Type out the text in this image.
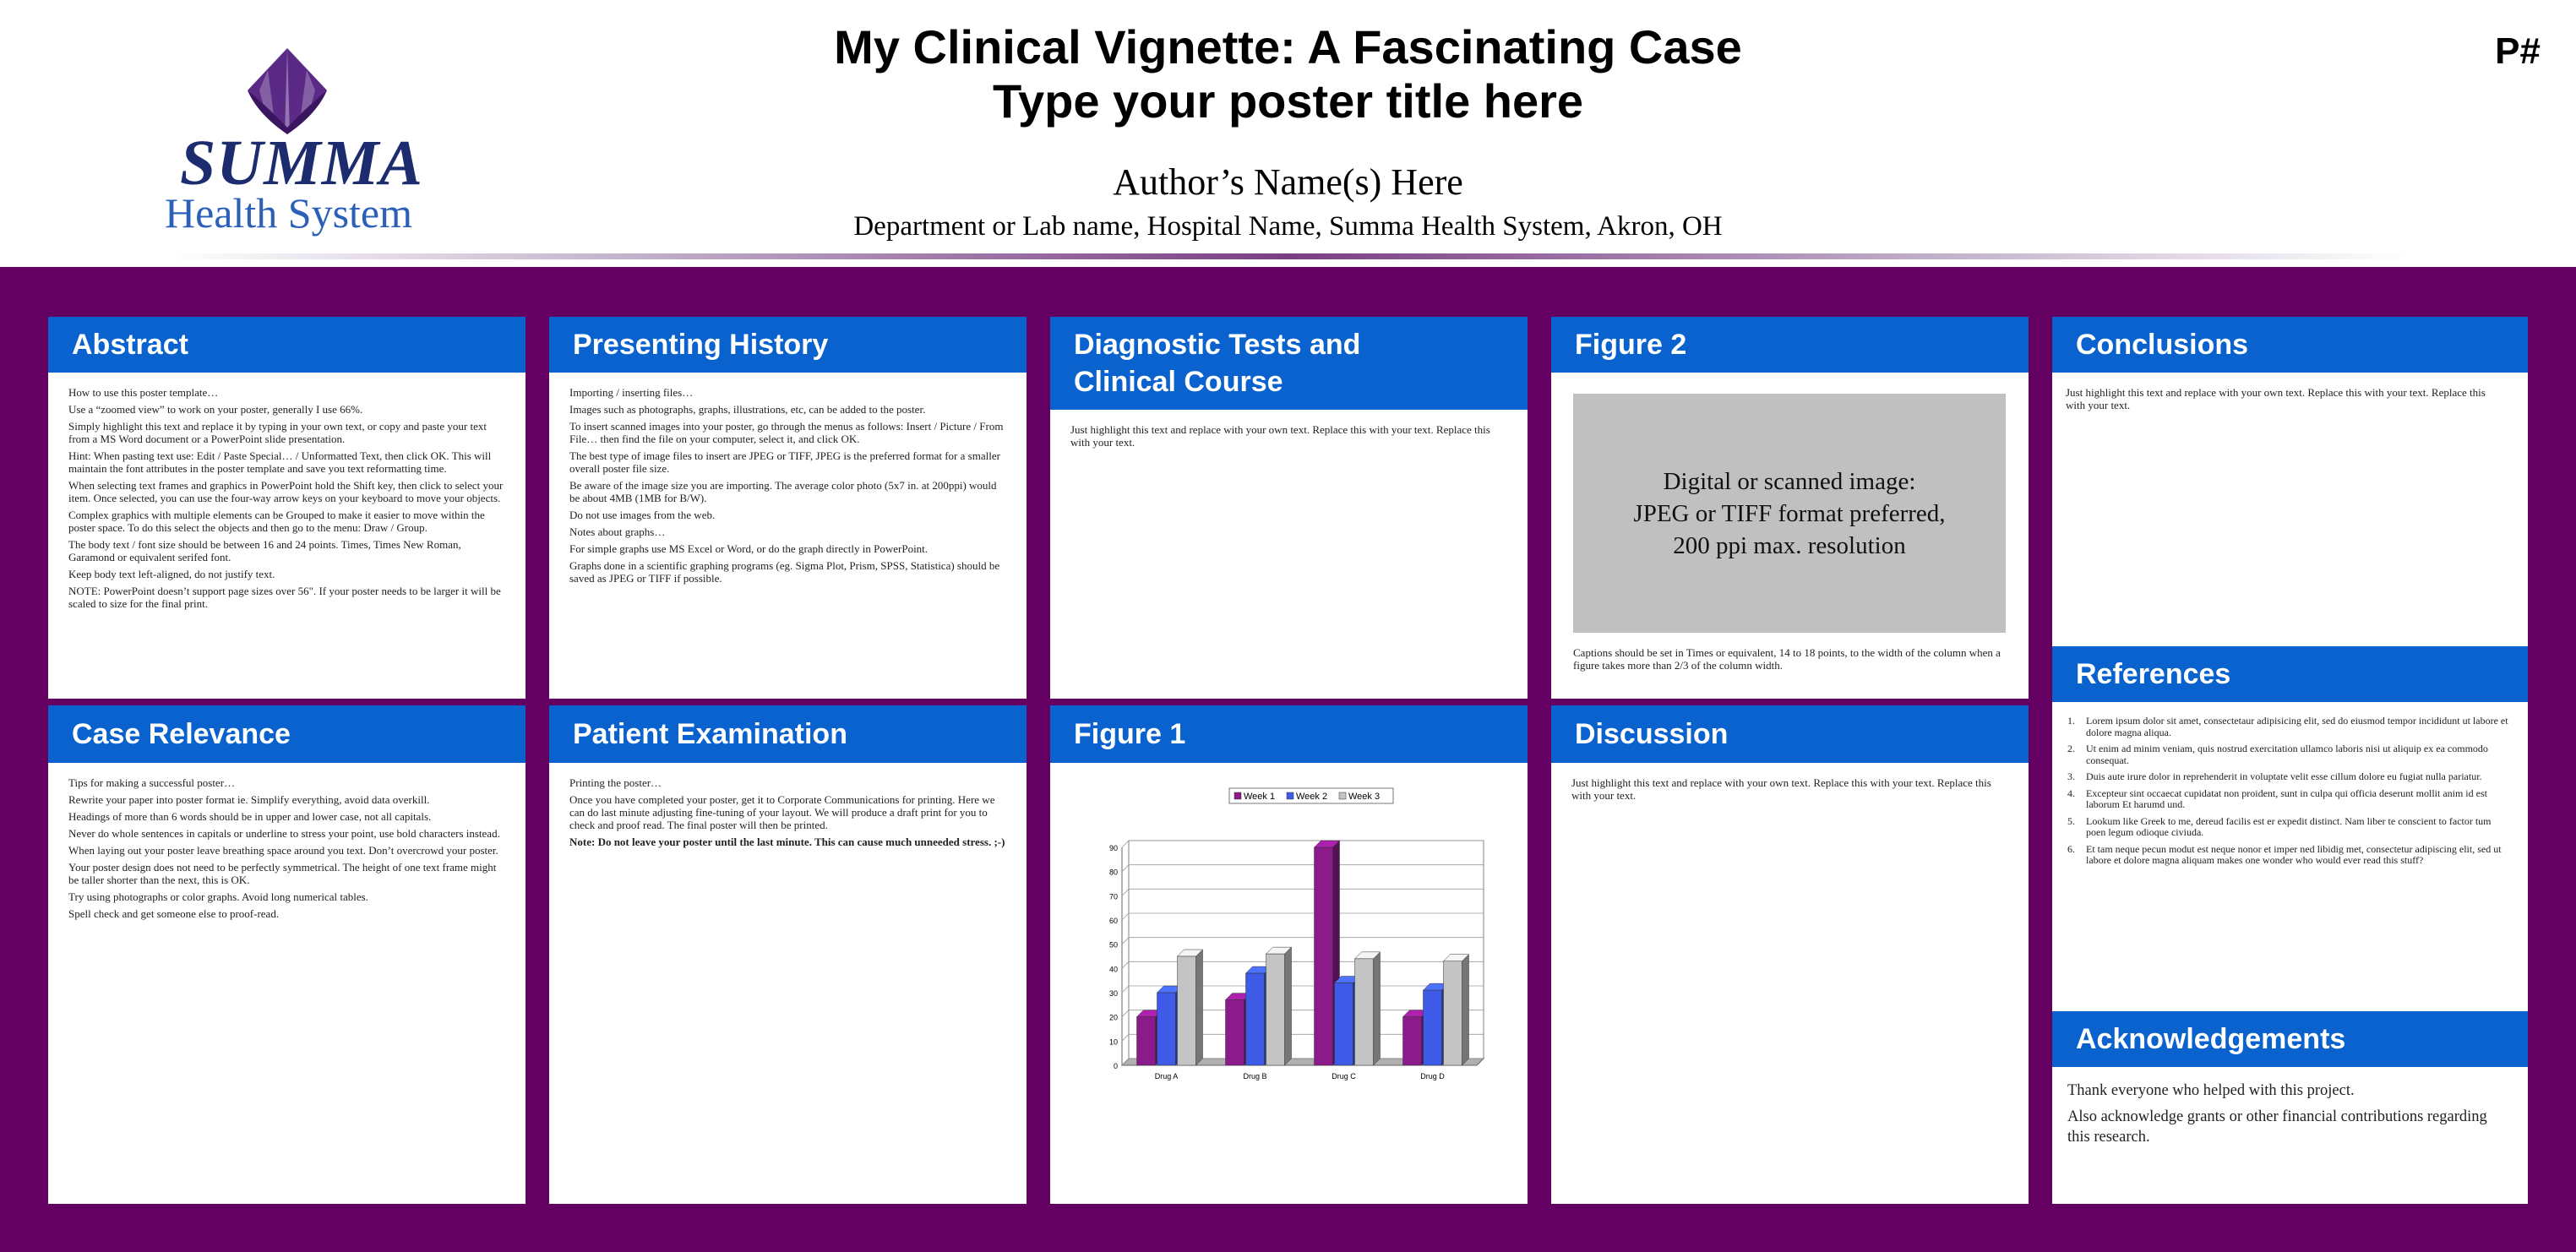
SUMMA
Health System
My Clinical Vignette: A Fascinating Case
Type your poster title here
P#
Author’s Name(s) Here
Department or Lab name, Hospital Name, Summa Health System, Akron, OH
Abstract

How to use this poster template…

Use a “zoomed view” to work on your poster, generally I use 66%.

Simply highlight this text and replace it by typing in your own text, or copy and paste your text from a MS Word document or a PowerPoint slide presentation.

Hint: When pasting text use: Edit / Paste Special… / Unformatted Text, then click OK. This will maintain the font attributes in the poster template and save you text reformatting time.

When selecting text frames and graphics in PowerPoint hold the Shift key, then click to select your item. Once selected, you can use the four-way arrow keys on your keyboard to move your objects.

Complex graphics with multiple elements can be Grouped to make it easier to move within the poster space. To do this select the objects and then go to the menu: Draw / Group.

The body text / font size should be between 16 and 24 points. Times, Times New Roman, Garamond or equivalent serifed font.

Keep body text left-aligned, do not justify text.

NOTE: PowerPoint doesn’t support page sizes over 56". If your poster needs to be larger it will be scaled to size for the final print.

Case Relevance

Tips for making a successful poster…

Rewrite your paper into poster format ie. Simplify everything, avoid data overkill.

Headings of more than 6 words should be in upper and lower case, not all capitals.

Never do whole sentences in capitals or underline to stress your point, use bold characters instead.

When laying out your poster leave breathing space around you text. Don’t overcrowd your poster.

Your poster design does not need to be perfectly symmetrical. The height of one text frame might be taller shorter than the next, this is OK.

Try using photographs or color graphs. Avoid long numerical tables.

Spell check and get someone else to proof-read.

Presenting History

Importing / inserting files…

Images such as photographs, graphs, illustrations, etc, can be added to the poster.

To insert scanned images into your poster, go through the menus as follows: Insert / Picture / From File… then find the file on your computer, select it, and click OK.

The best type of image files to insert are JPEG or TIFF, JPEG is the preferred format for a smaller overall poster file size.

Be aware of the image size you are importing. The average color photo (5x7 in. at 200ppi) would be about 4MB (1MB for B/W).

Do not use images from the web.

Notes about graphs…

For simple graphs use MS Excel or Word, or do the graph directly in PowerPoint.

Graphs done in a scientific graphing programs (eg. Sigma Plot, Prism, SPSS, Statistica) should be saved as JPEG or TIFF if possible.

Patient Examination

Printing the poster…

Once you have completed your poster, get it to Corporate Communications for printing. Here we can do last minute adjusting fine-tuning of your layout. We will produce a draft print for you to check and proof read. The final poster will then be printed.

Note: Do not leave your poster until the last minute. This can cause much unneeded stress. ;-)

Diagnostic Tests and
Clinical Course

Just highlight this text and replace with your own text. Replace this with your text. Replace this with your text.

Figure 1
0
10
20
30
40
50
60
70
80
90
Drug A	Drug B	Drug C	Drug D
Week 1 Week 2 Week 3
Figure 2
Digital or scanned image:
JPEG or TIFF format preferred,
200 ppi max. resolution
Captions should be set in Times or equivalent, 14 to 18 points, to the width of the column when a figure takes more than 2/3 of the column width.
Discussion

Just highlight this text and replace with your own text. Replace this with your text. Replace this with your text.

Conclusions

Just highlight this text and replace with your own text. Replace this with your text. Replace this with your text.

References
1.	Lorem ipsum dolor sit amet, consectetaur adipisicing elit, sed do eiusmod tempor incididunt ut labore et dolore magna aliqua.
2.	Ut enim ad minim veniam, quis nostrud exercitation ullamco laboris nisi ut aliquip ex ea commodo consequat.
3.	Duis aute irure dolor in reprehenderit in voluptate velit esse cillum dolore eu fugiat nulla pariatur.
4.	Excepteur sint occaecat cupidatat non proident, sunt in culpa qui officia deserunt mollit anim id est laborum Et harumd und.
5.	Lookum like Greek to me, dereud facilis est er expedit distinct. Nam liber te conscient to factor tum poen legum odioque civiuda.
6.	Et tam neque pecun modut est neque nonor et imper ned libidig met, consectetur adipiscing elit, sed ut labore et dolore magna aliquam makes one wonder who would ever read this stuff?
Acknowledgements

Thank everyone who helped with this project.

Also acknowledge grants or other financial contributions regarding this research.
